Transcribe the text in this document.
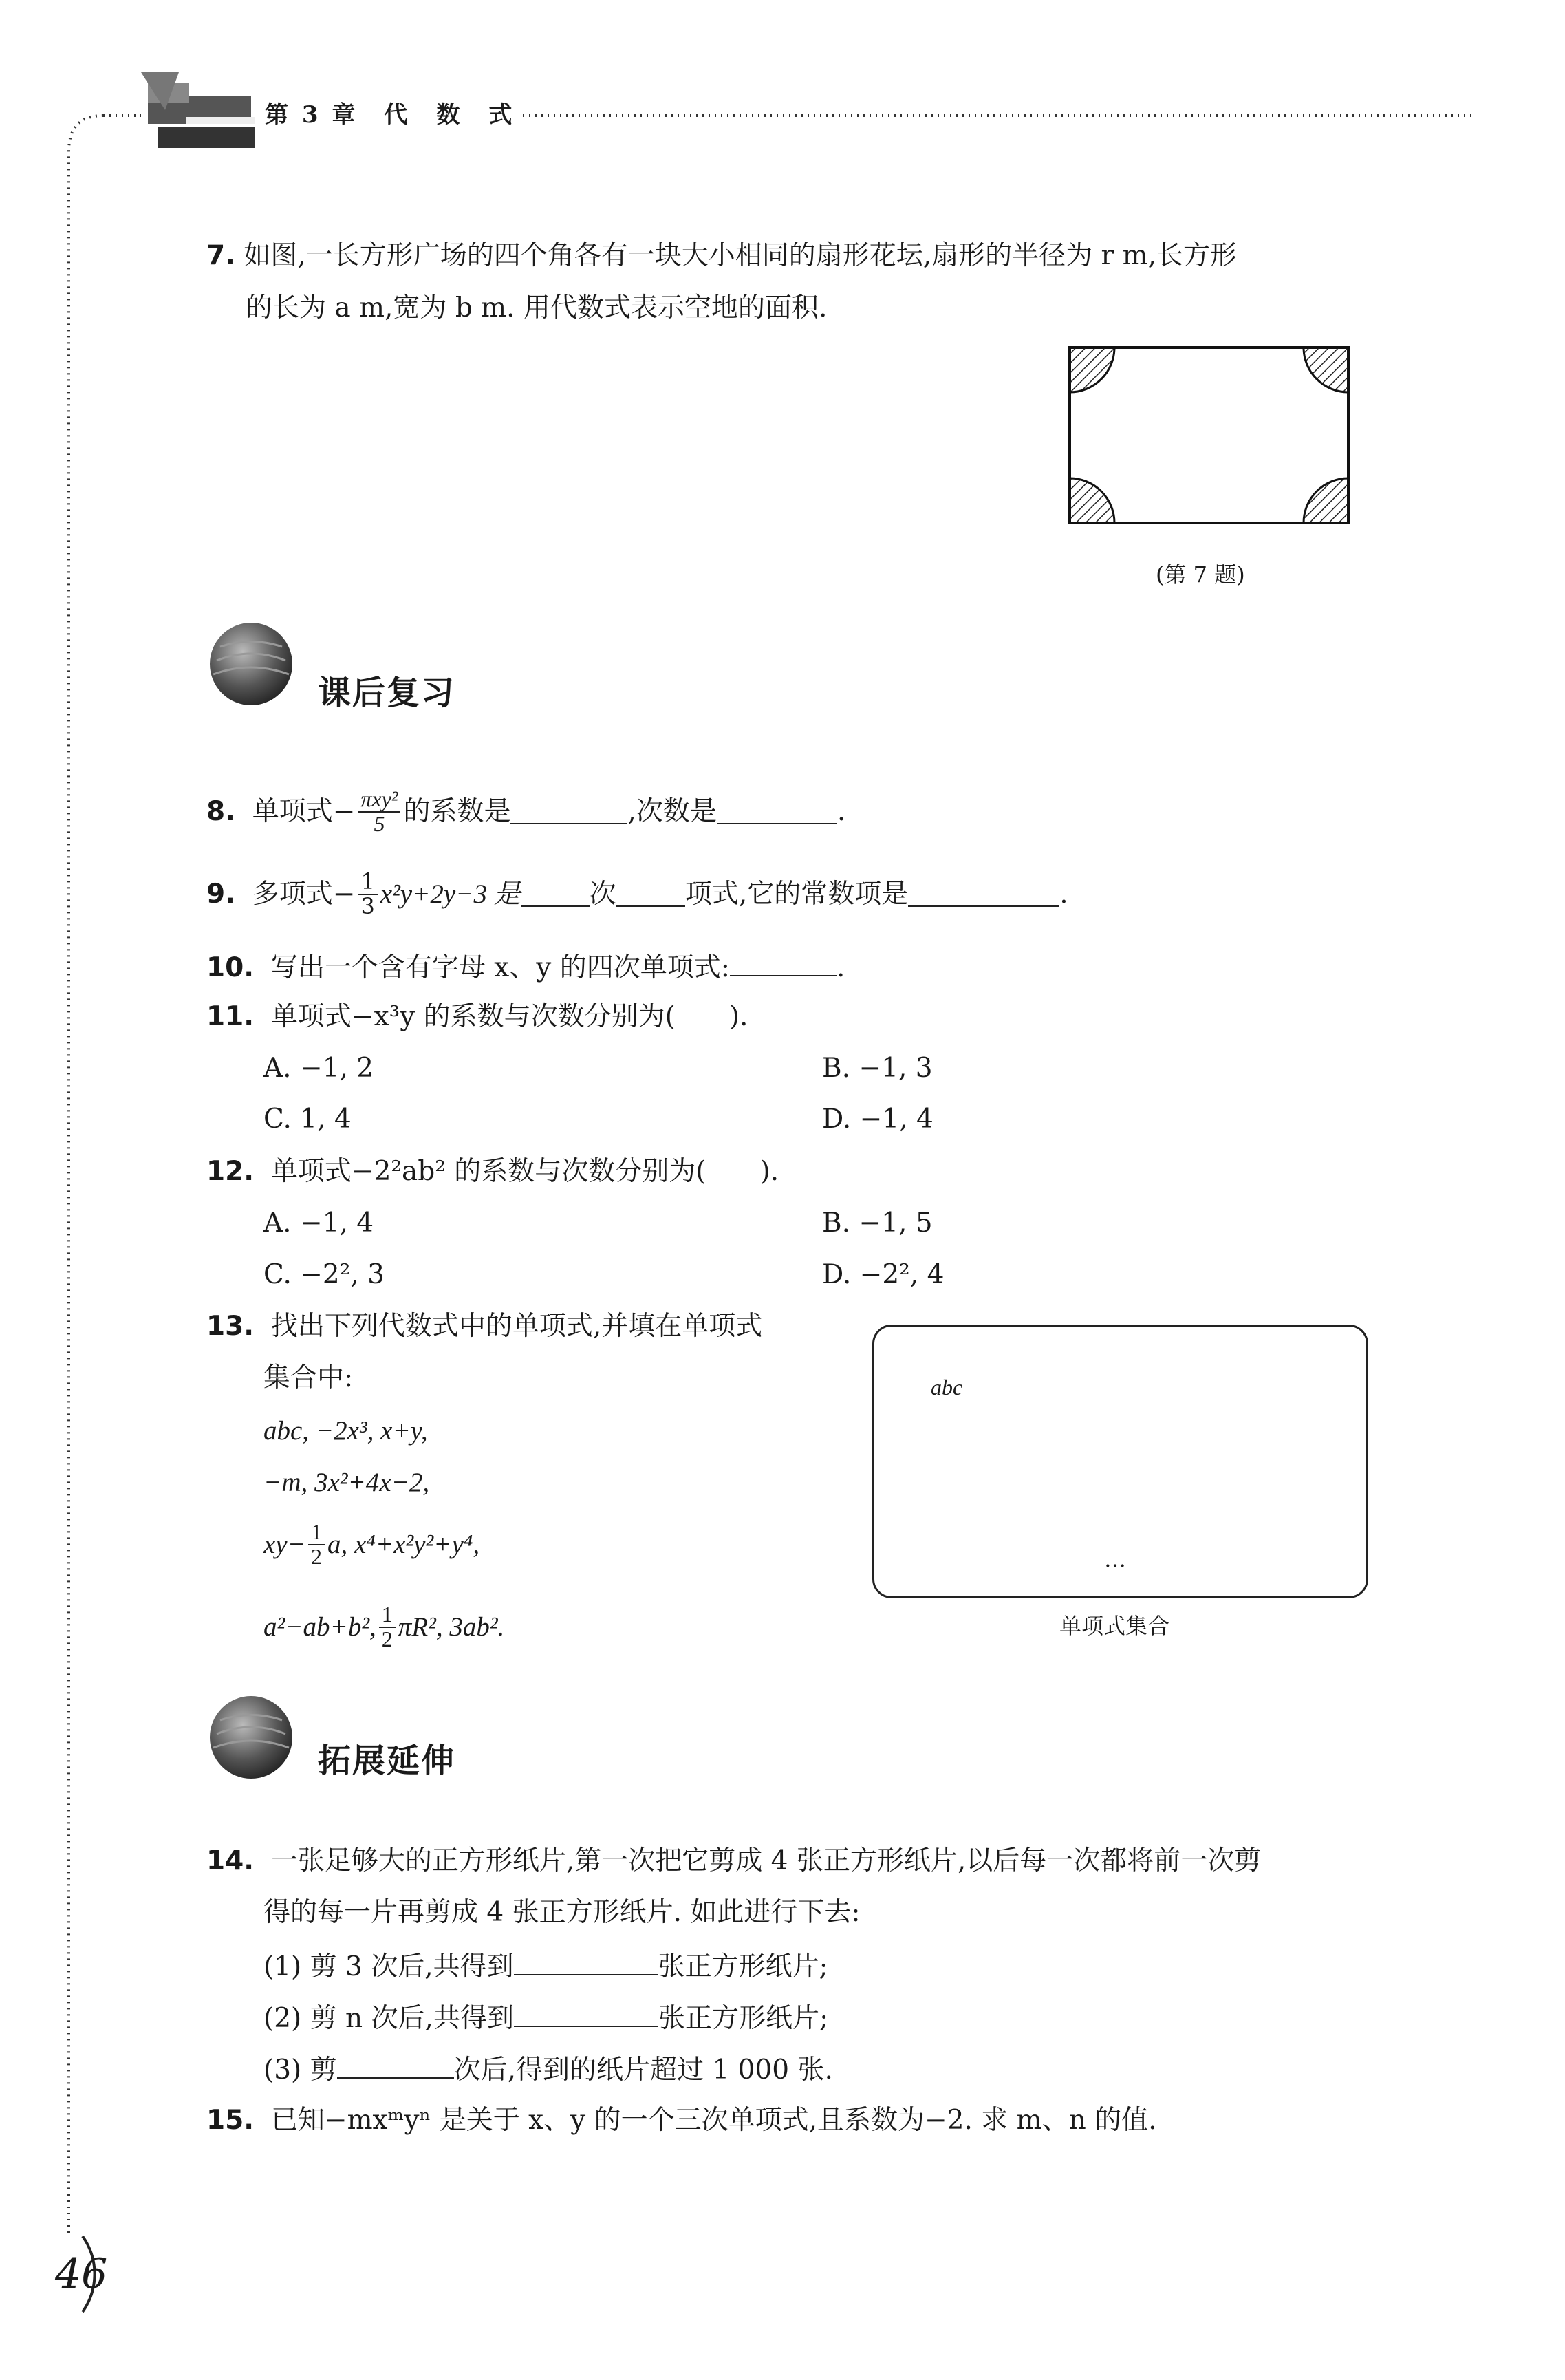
第 3 章　代　数　式
7. 如图,一长方形广场的四个角各有一块大小相同的扇形花坛,扇形的半径为 r m,长方形
的长为 a m,宽为 b m. 用代数式表示空地的面积.
(第 7 题)
课后复习
8.
单项式− $\frac{\text{πxy²}}{5}$ 的系数是	,次数是	.
9.
多项式− $\frac{1}{3} x^2y+2y-3$ 是	次	项式,它的常数项是	.
10. 写出一个含有字母 x、y 的四次单项式:	.
11. 单项式−x³y 的系数与次数分别为(　　).
A. −1, 2	B. −1, 3
C. 1, 4	D. −1, 4
12. 单项式−2²ab² 的系数与次数分别为(　　).
A. −1, 4	B. −1, 5
C. −2², 3	D. −2², 4
13. 找出下列代数式中的单项式,并填在单项式
集合中:
abc, −2x³, x+y,
−m, 3x²+4x−2,
$xy- \frac{1}{2} a$, x⁴+x²y²+y⁴,
a²−ab+b², $\frac{1}{2} \pi R^2$, 3ab².
abc
…
单项式集合
拓展延伸
14. 一张足够大的正方形纸片,第一次把它剪成 4 张正方形纸片,以后每一次都将前一次剪
得的每一片再剪成 4 张正方形纸片. 如此进行下去:
(1) 剪 3 次后,共得到	张正方形纸片;
(2) 剪 n 次后,共得到	张正方形纸片;
(3) 剪	次后,得到的纸片超过 1 000 张.
15. 已知−mxᵐyⁿ 是关于 x、y 的一个三次单项式,且系数为−2. 求 m、n 的值.
46
